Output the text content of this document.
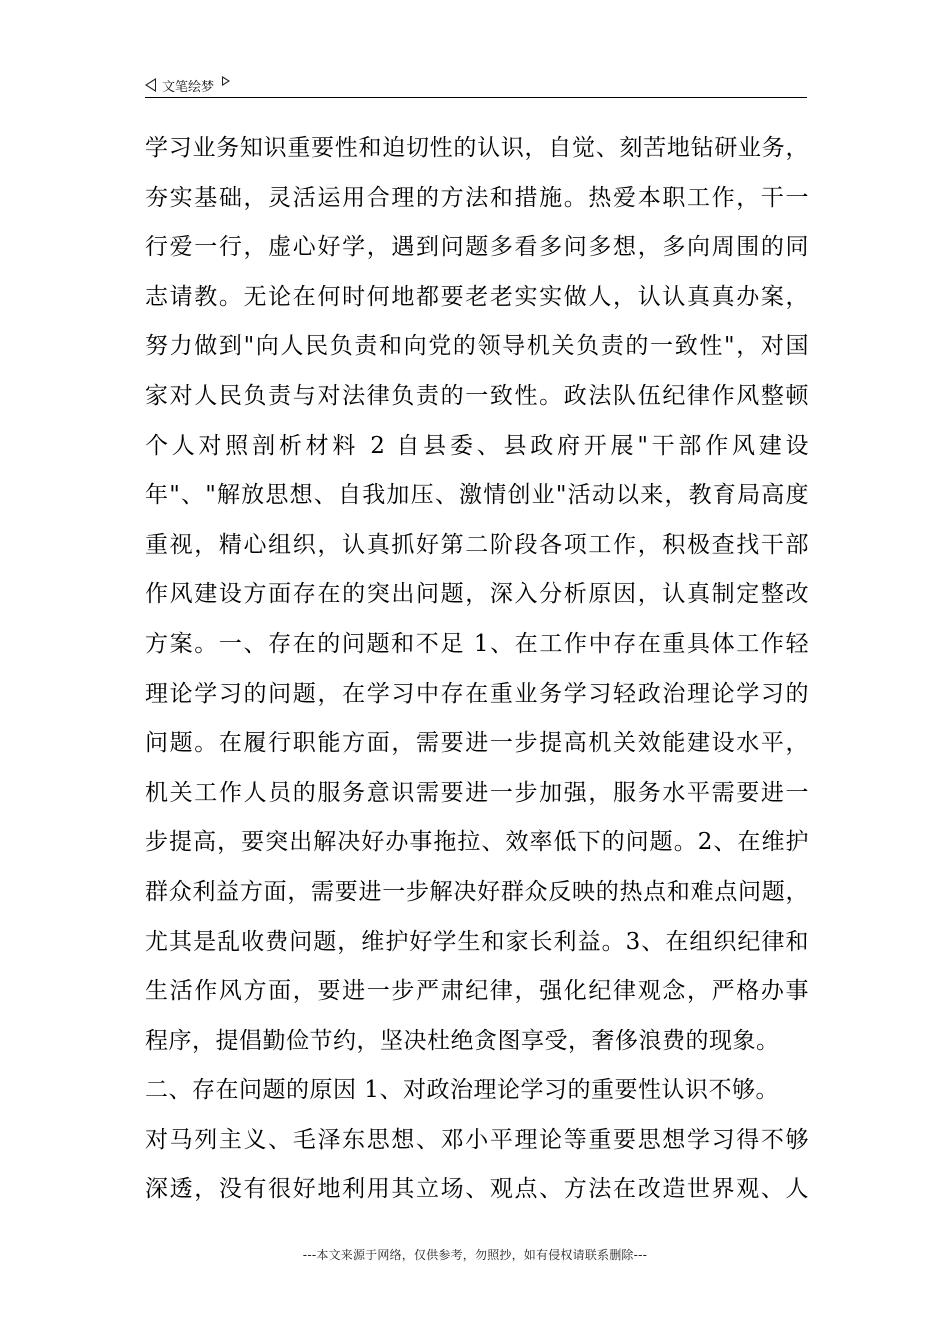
文笔绘梦
学习业务知识重要性和迫切性的认识，自觉、刻苦地钻研业务，
夯实基础，灵活运用合理的方法和措施。热爱本职工作，干一
行爱一行，虚心好学，遇到问题多看多问多想，多向周围的同
志请教。无论在何时何地都要老老实实做人，认认真真办案，
努力做到"向人民负责和向党的领导机关负责的一致性"，对国
家对人民负责与对法律负责的一致性。政法队伍纪律作风整顿
个人对照剖析材料 2 自县委、县政府开展"干部作风建设
年"、"解放思想、自我加压、激情创业"活动以来，教育局高度
重视，精心组织，认真抓好第二阶段各项工作，积极查找干部
作风建设方面存在的突出问题，深入分析原因，认真制定整改
方案。一、存在的问题和不足 1、在工作中存在重具体工作轻
理论学习的问题，在学习中存在重业务学习轻政治理论学习的
问题。在履行职能方面，需要进一步提高机关效能建设水平，
机关工作人员的服务意识需要进一步加强，服务水平需要进一
步提高，要突出解决好办事拖拉、效率低下的问题。2、在维护
群众利益方面，需要进一步解决好群众反映的热点和难点问题，
尤其是乱收费问题，维护好学生和家长利益。3、在组织纪律和
生活作风方面，要进一步严肃纪律，强化纪律观念，严格办事
程序，提倡勤俭节约，坚决杜绝贪图享受，奢侈浪费的现象。
二、存在问题的原因 1、对政治理论学习的重要性认识不够。
对马列主义、毛泽东思想、邓小平理论等重要思想学习得不够
深透，没有很好地利用其立场、观点、方法在改造世界观、人
---本文来源于网络，仅供参考，勿照抄，如有侵权请联系删除---
